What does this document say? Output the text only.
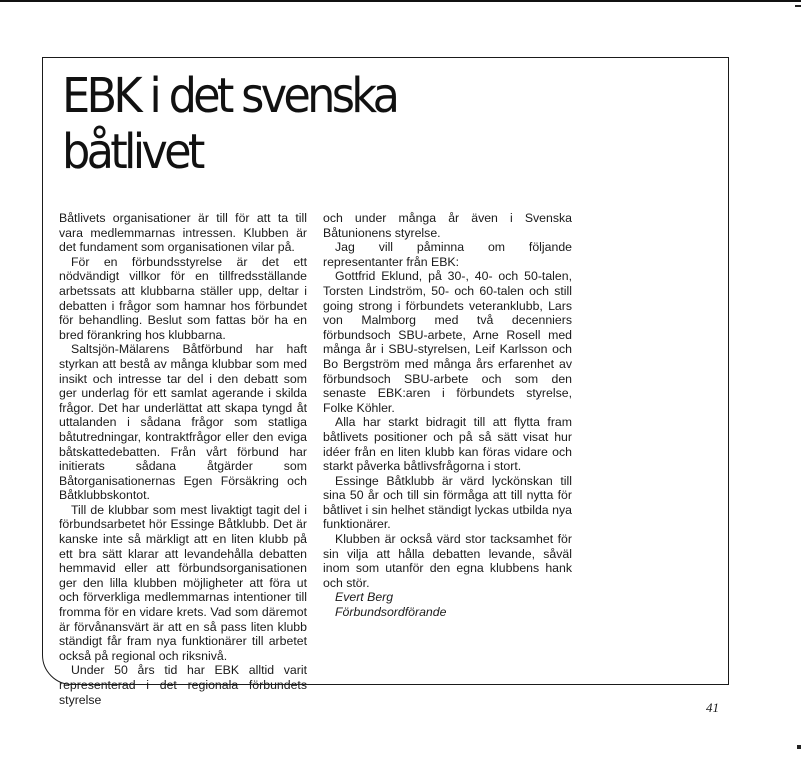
EBK i det svenska
båtlivet

Båtlivets organisationer är till för att ta till vara medlemmarnas intressen. Klubben är det fundament som organisationen vilar på.

För en förbundsstyrelse är det ett nödvändigt villkor för en tillfredsställande arbetssats att klubbarna ställer upp, deltar i debatten i frågor som hamnar hos förbundet för behandling. Beslut som fattas bör ha en bred förankring hos klubbarna.

Saltsjön-Mälarens Båtförbund har haft styrkan att bestå av många klubbar som med insikt och intresse tar del i den debatt som ger underlag för ett samlat agerande i skilda frågor. Det har underlättat att skapa tyngd åt uttalanden i sådana frågor som statliga båtutredningar, kontraktfrågor eller den eviga båtskattedebatten. Från vårt förbund har initierats sådana åtgärder som Båtorganisationernas Egen Försäkring och Båtklubbskontot.

Till de klubbar som mest livaktigt tagit del i förbundsarbetet hör Essinge Båtklubb. Det är kanske inte så märkligt att en liten klubb på ett bra sätt klarar att levandehålla debatten hemmavid eller att förbundsorganisationen ger den lilla klubben möjligheter att föra ut och förverkliga medlemmarnas intentioner till fromma för en vidare krets. Vad som däremot är förvånansvärt är att en så pass liten klubb ständigt får fram nya funktionärer till arbetet också på regional och riksnivå.

Under 50 års tid har EBK alltid varit representerad i det regionala förbundets styrelse

och under många år även i Svenska Båtunionens styrelse.

Jag vill påminna om följande representanter från EBK:

Gottfrid Eklund, på 30-, 40- och 50-talen, Torsten Lindström, 50- och 60-talen och still going strong i förbundets veteranklubb, Lars von Malmborg med två decenniers förbundsoch SBU-arbete, Arne Rosell med många år i SBU-styrelsen, Leif Karlsson och Bo Bergström med många års erfarenhet av förbundsoch SBU-arbete och som den senaste EBK:aren i förbundets styrelse, Folke Köhler.

Alla har starkt bidragit till att flytta fram båtlivets positioner och på så sätt visat hur idéer från en liten klubb kan föras vidare och starkt påverka båtlivsfrågorna i stort.

Essinge Båtklubb är värd lyckönskan till sina 50 år och till sin förmåga att till nytta för båtlivet i sin helhet ständigt lyckas utbilda nya funktionärer.

Klubben är också värd stor tacksamhet för sin vilja att hålla debatten levande, såväl inom som utanför den egna klubbens hank och stör.

Evert Berg

Förbundsordförande

41
